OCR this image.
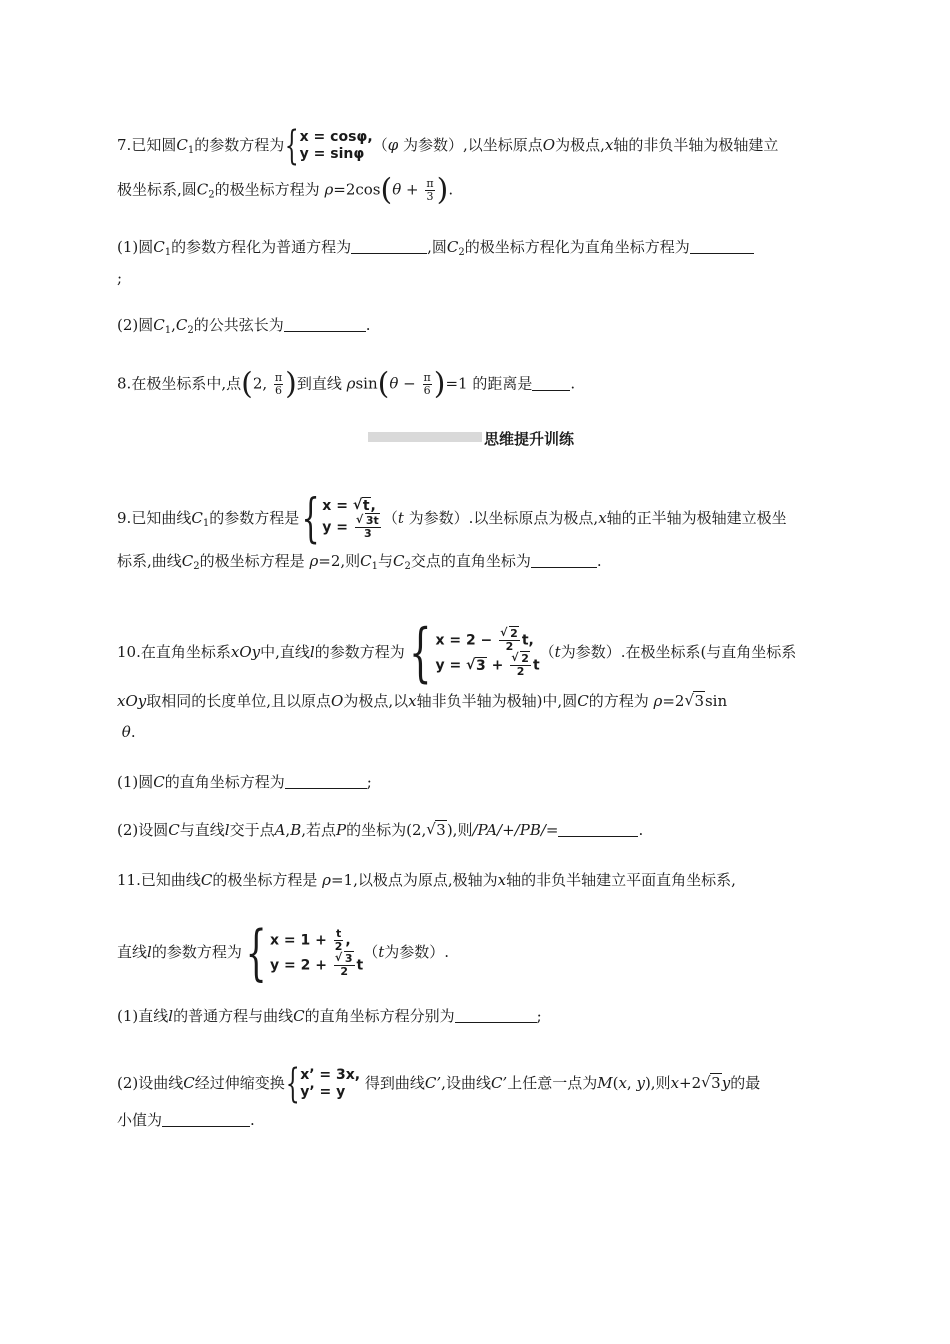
7.已知圆$C_1$的参数方程为{ x = cosφ,
y = sinφ （φ 为参数）,以坐标原点O为极点,x轴的非负半轴为极轴建立
极坐标系,圆$C_2$的极坐标方程为 $\rho=2\cos(\theta + \frac{\pi}{3}$ ).
(1)圆$C_1$的参数方程化为普通方程为	,圆$C_2$的极坐标方程化为直角坐标方程为
;
(2)圆$C_1,C_2$的公共弦长为	.
8.在极坐标系中,点(2, $\frac{\pi}{6}$ )到直线 $\rho\sin(\theta - \frac{\pi}{6} )=1$ 的距离是	.
思维提升训练
9.已知曲线$C_1$的参数方程是{ x = √ t,
y = √ $\frac{3t}{3} (t$ 为参数）.以坐标原点为极点,x轴的正半轴为极轴建立极坐
标系,曲线$C_2$的极坐标方程是 ρ=2,则$C_1$与$C_2$交点的直角坐标为	.
10.在直角坐标系xOy中,直线l的参数方程为{ x = 2 − √ $\frac{2}{2} t$,
y = √ 3 + √ $\frac{2}{2}$ t
（t为参数）.在极坐标系(与直角坐标系
xOy取相同的长度单位,且以原点O为极点,以x轴非负半轴为极轴)中,圆C的方程为 ρ=2 √ 3sin
θ.
(1)圆C的直角坐标方程为	;
(2)设圆C与直线l交于点A,B,若点P的坐标为(2, √ 3),则/PA/+/PB/=	.
11.已知曲线C的极坐标方程是 ρ=1,以极点为原点,极轴为x轴的非负半轴建立平面直角坐标系,
直线l的参数方程为{ $x = 1 + \frac{t}{2}$ ,
y = 2 + √ $\frac{3}{2}$ t
（t为参数）.
(1)直线l的普通方程与曲线C的直角坐标方程分别为	;
(2)设曲线C经过伸缩变换{ x’ = 3x,
y’ = y	得到曲线C’,设曲线C’上任意一点为M(x, y),则x+2 √ 3y的最
小值为	.
